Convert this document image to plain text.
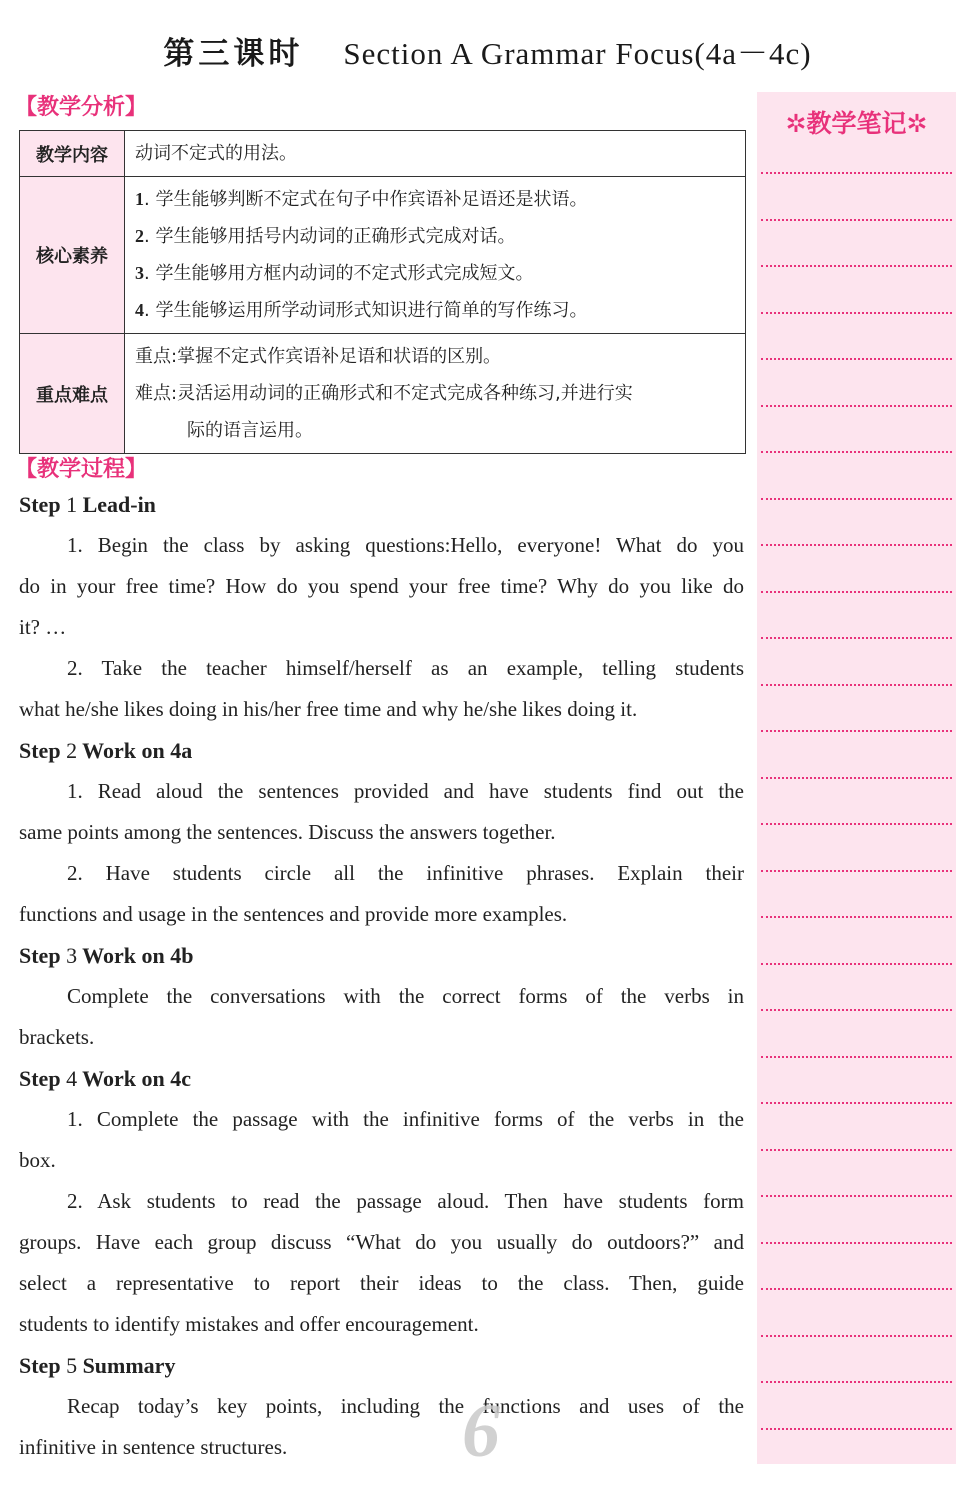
第三课时 Section A Grammar Focus(4a－4c)
【教学分析】
教学内容	动词不定式的用法。

核心素养	1. 学生能够判断不定式在句子中作宾语补足语还是状语。
2. 学生能够用括号内动词的正确形式完成对话。
3. 学生能够用方框内动词的不定式形式完成短文。
4. 学生能够运用所学动词形式知识进行简单的写作练习。

重点难点	重点:掌握不定式作宾语补足语和状语的区别。
难点:灵活运用动词的正确形式和不定式完成各种练习,并进行实
际的语言运用。
✲教学笔记✲
【教学过程】
Step 1 Lead-in
1. Begin the class by asking questions:Hello, everyone! What do you
do in your free time? How do you spend your free time? Why do you like do
it? …
2. Take the teacher himself/herself as an example, telling students
what he/she likes doing in his/her free time and why he/she likes doing it.
Step 2 Work on 4a
1. Read aloud the sentences provided and have students find out the
same points among the sentences. Discuss the answers together.
2. Have students circle all the infinitive phrases. Explain their
functions and usage in the sentences and provide more examples.
Step 3 Work on 4b
Complete the conversations with the correct forms of the verbs in
brackets.
Step 4 Work on 4c
1. Complete the passage with the infinitive forms of the verbs in the
box.
2. Ask students to read the passage aloud. Then have students form
groups. Have each group discuss “What do you usually do outdoors?” and
select a representative to report their ideas to the class. Then, guide
students to identify mistakes and offer encouragement.
Step 5 Summary
Recap today’s key points, including the functions and uses of the
infinitive in sentence structures.	6
